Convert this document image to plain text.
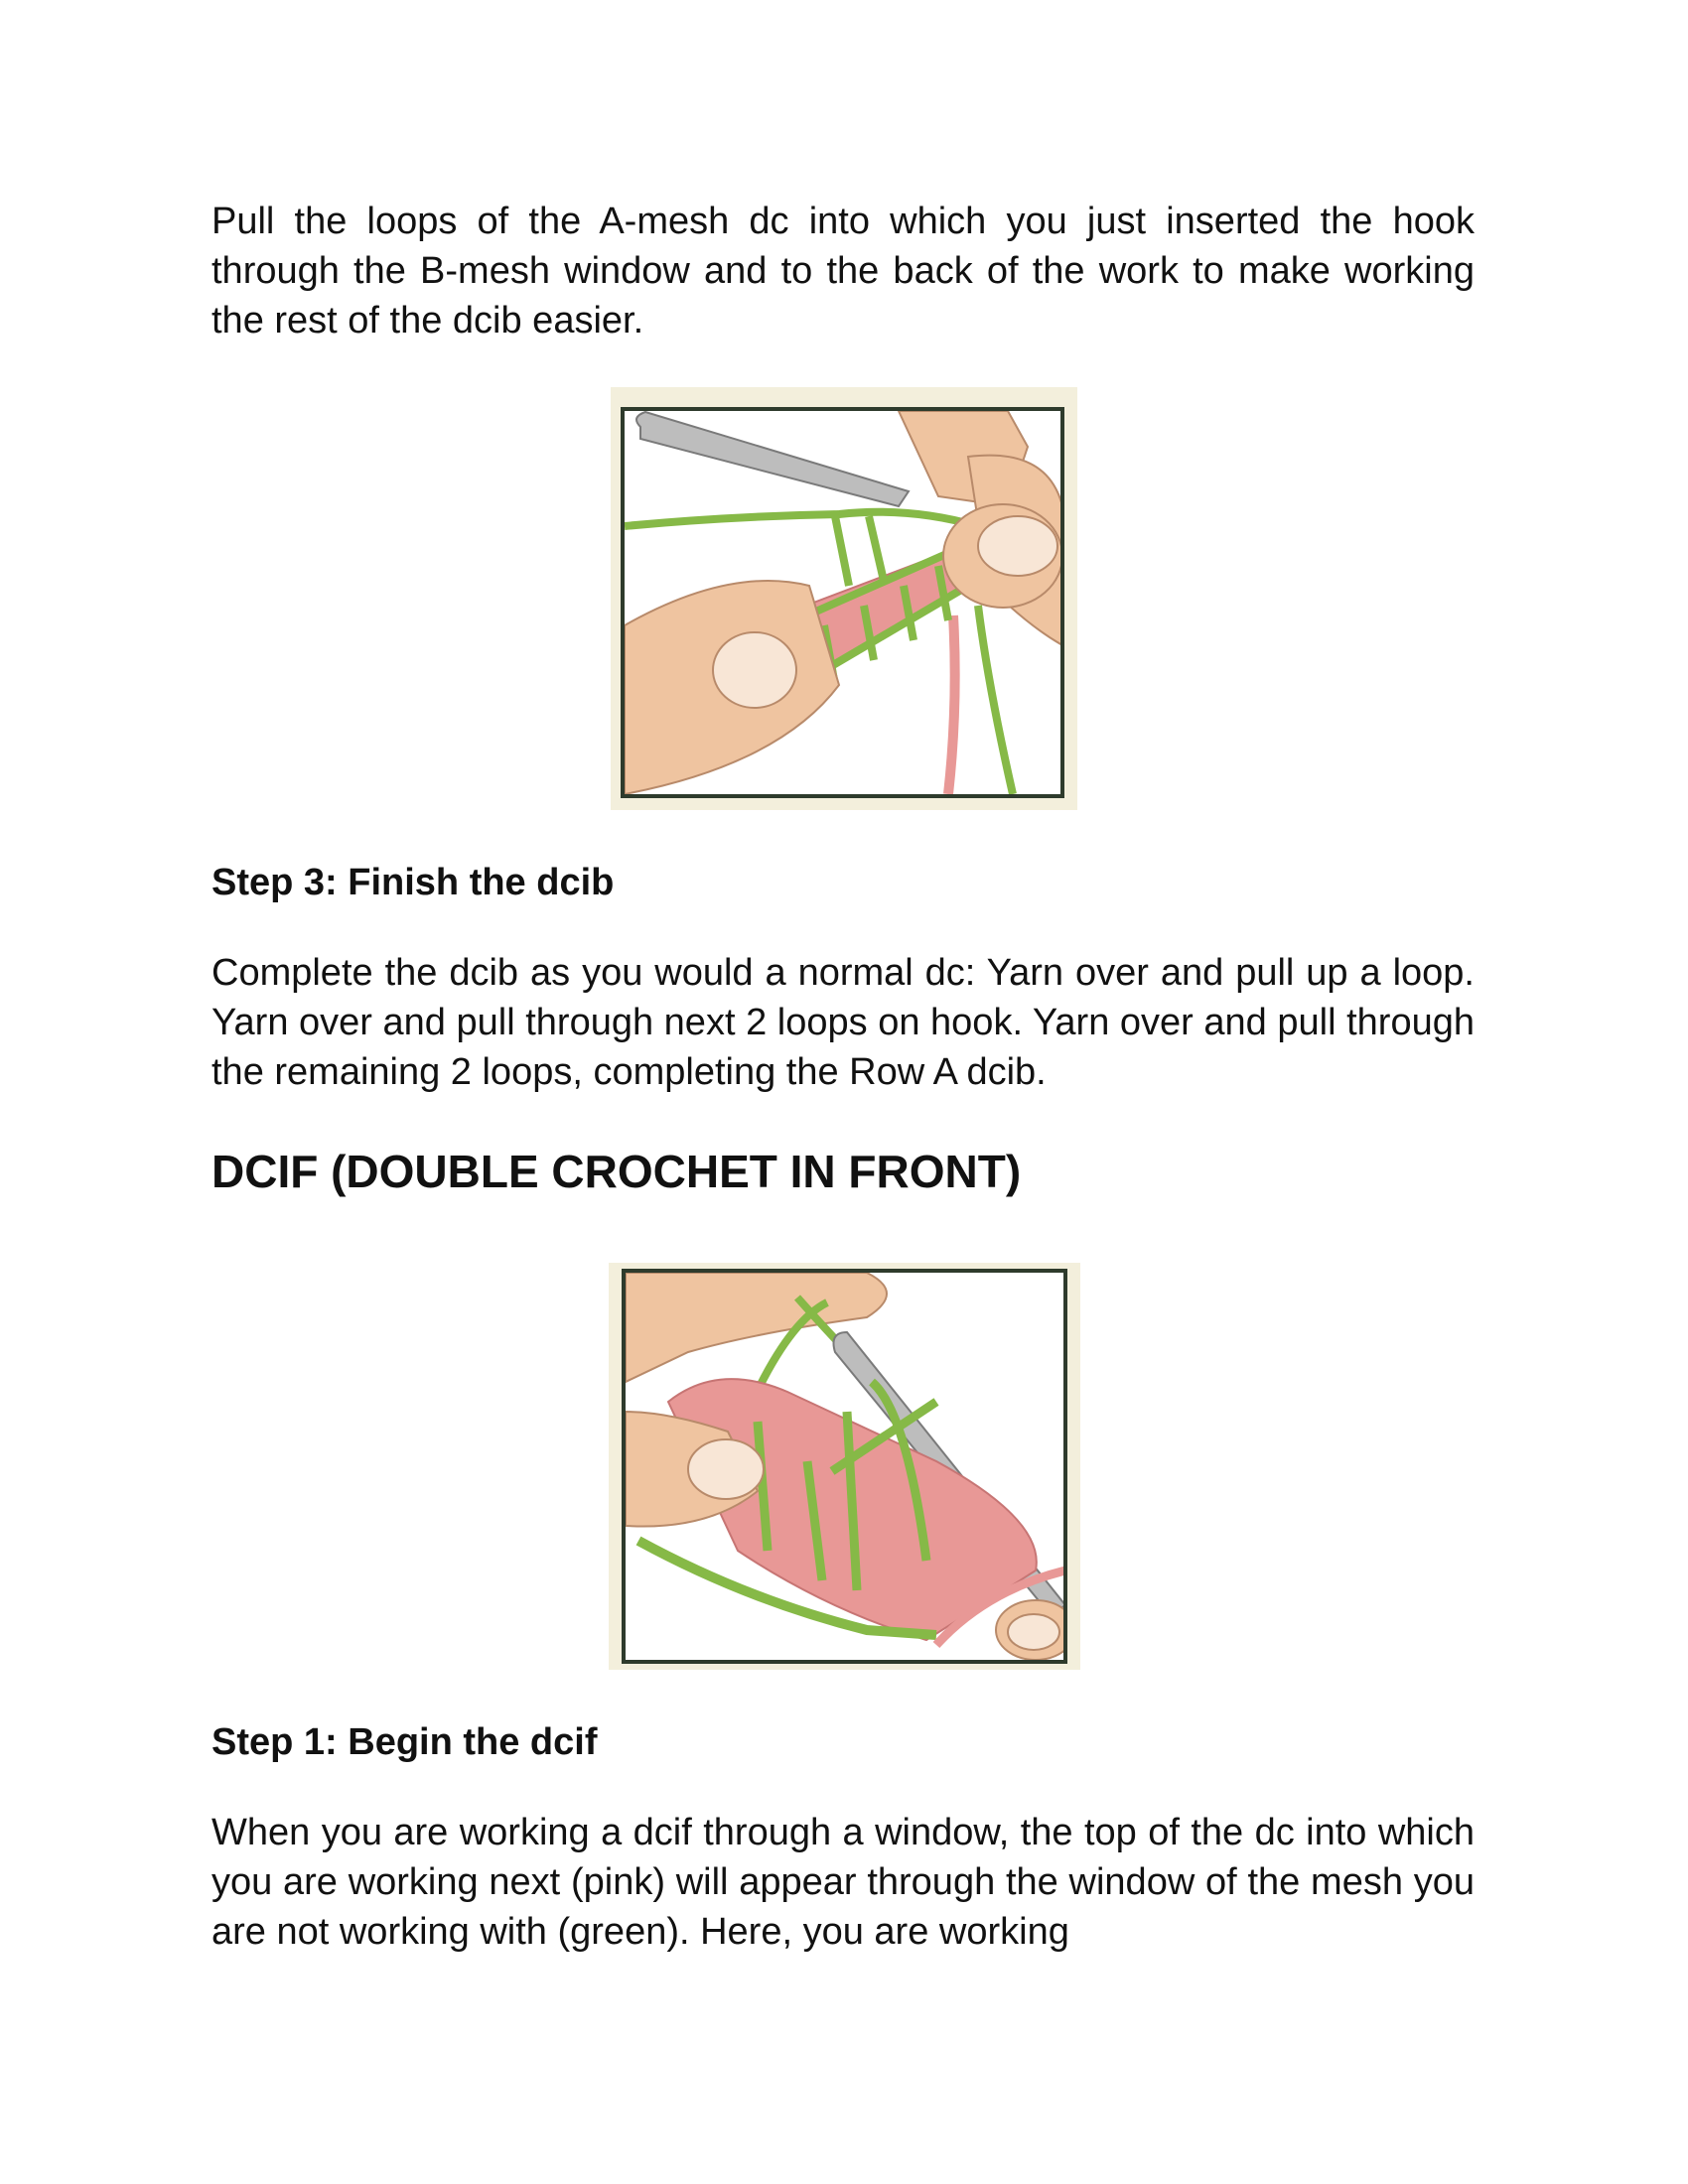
Pull the loops of the A-mesh dc into which you just inserted the hook through the B-mesh window and to the back of the work to make working the rest of the dcib easier.

Step 3: Finish the dcib

Complete the dcib as you would a normal dc: Yarn over and pull up a loop. Yarn over and pull through next 2 loops on hook. Yarn over and pull through the remaining 2 loops, completing the Row A dcib.

DCIF (DOUBLE CROCHET IN FRONT)
Step 1: Begin the dcif

When you are working a dcif through a window, the top of the dc into which you are working next (pink) will appear through the window of the mesh you are not working with (green). Here, you are working
